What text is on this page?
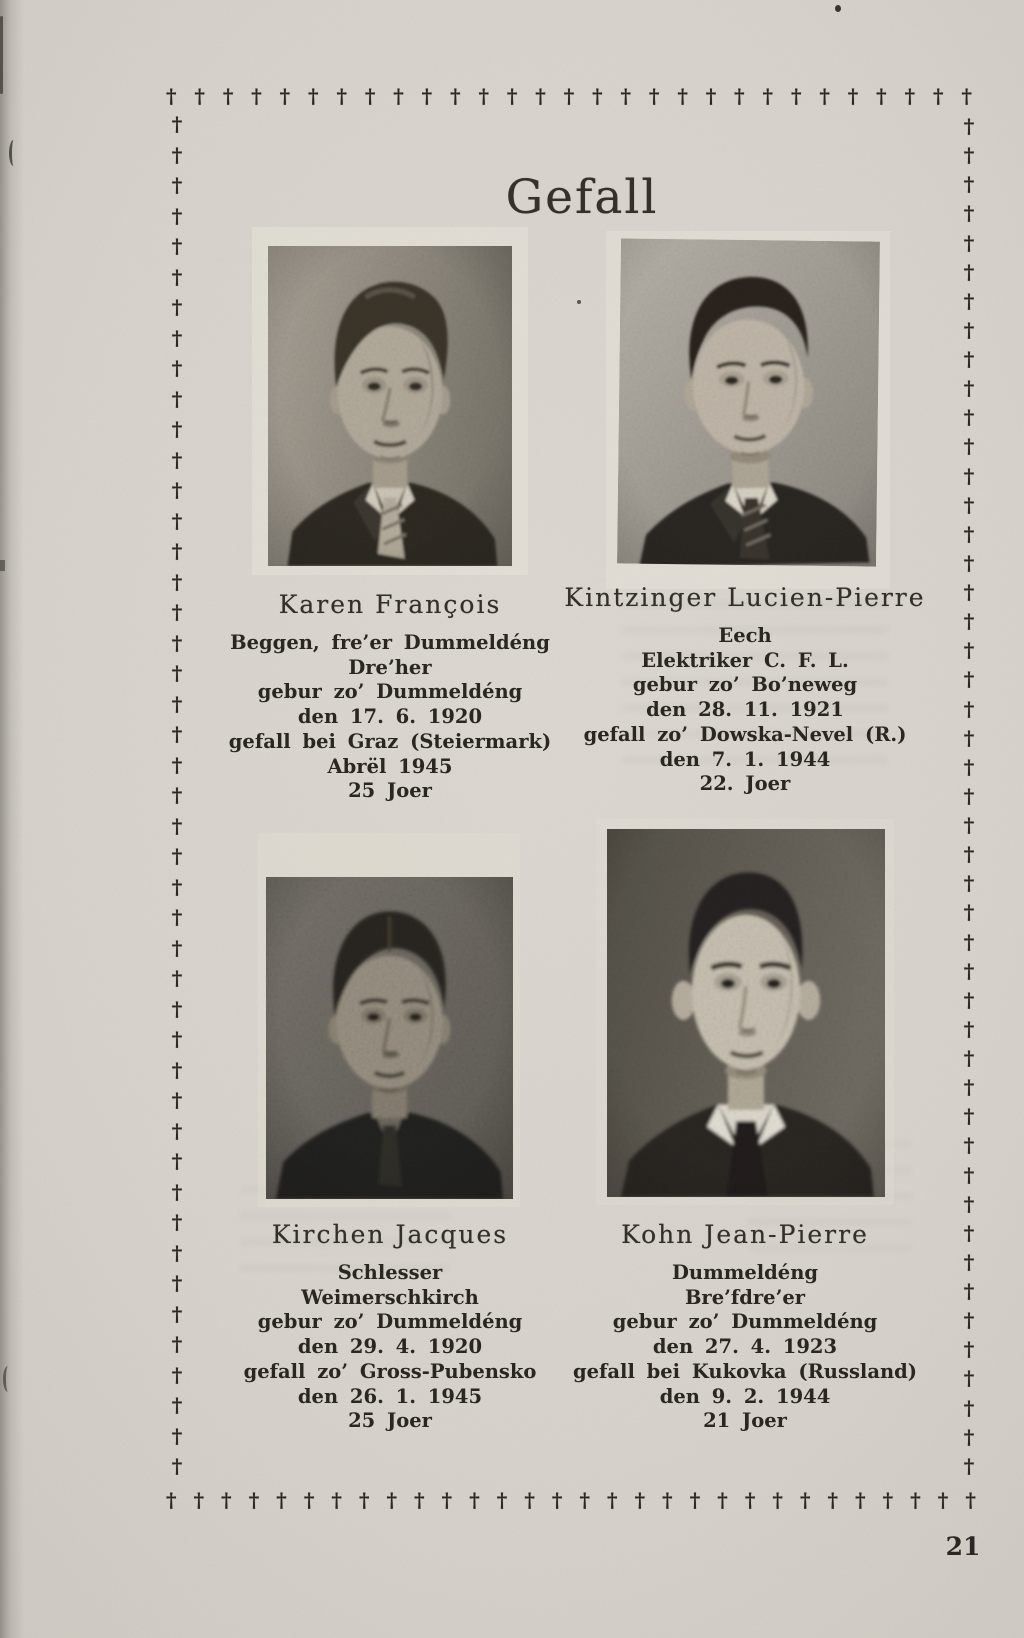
† † † † † † † † † † † † † † † † † † † † † † † † † † † † †
†
†
†
†
†
†
†
†
†
†
†
†
†
†
†
†
†
†
†
†
†
†
†
†
†
†
†
†
†
†
†
†
†
†
†
†
†
†
†
†
†
†
†
†
†
†
†
†
†
†
†
†
†
†
†
†
†
†
†
†
†
†
†
†
†
†
†
†
†
†
†
†
†
†
†
†
†
†
†
†
†
†
†
†
†
†
†
†
†
†
†
†
† † † † † † † † † † † † † † † † † † † † † † † † † † † † † †
Gefall
Karen François

Beggen, fre’er Dummeldéng

Dre’her

gebur zo’ Dummeldéng

den 17. 6. 1920

gefall bei Graz (Steiermark)

Abrël 1945

25 Joer

Kintzinger Lucien-Pierre

Eech

Elektriker C. F. L.

gebur zo’ Bo’neweg

den 28. 11. 1921

gefall zo’ Dowska-Nevel (R.)

den 7. 1. 1944

22. Joer

Kirchen Jacques

Schlesser

Weimerschkirch

gebur zo’ Dummeldéng

den 29. 4. 1920

gefall zo’ Gross-Pubensko

den 26. 1. 1945

25 Joer

Kohn Jean-Pierre

Dummeldéng

Bre’fdre’er

gebur zo’ Dummeldéng

den 27. 4. 1923

gefall bei Kukovka (Russland)

den 9. 2. 1944

21 Joer

21
